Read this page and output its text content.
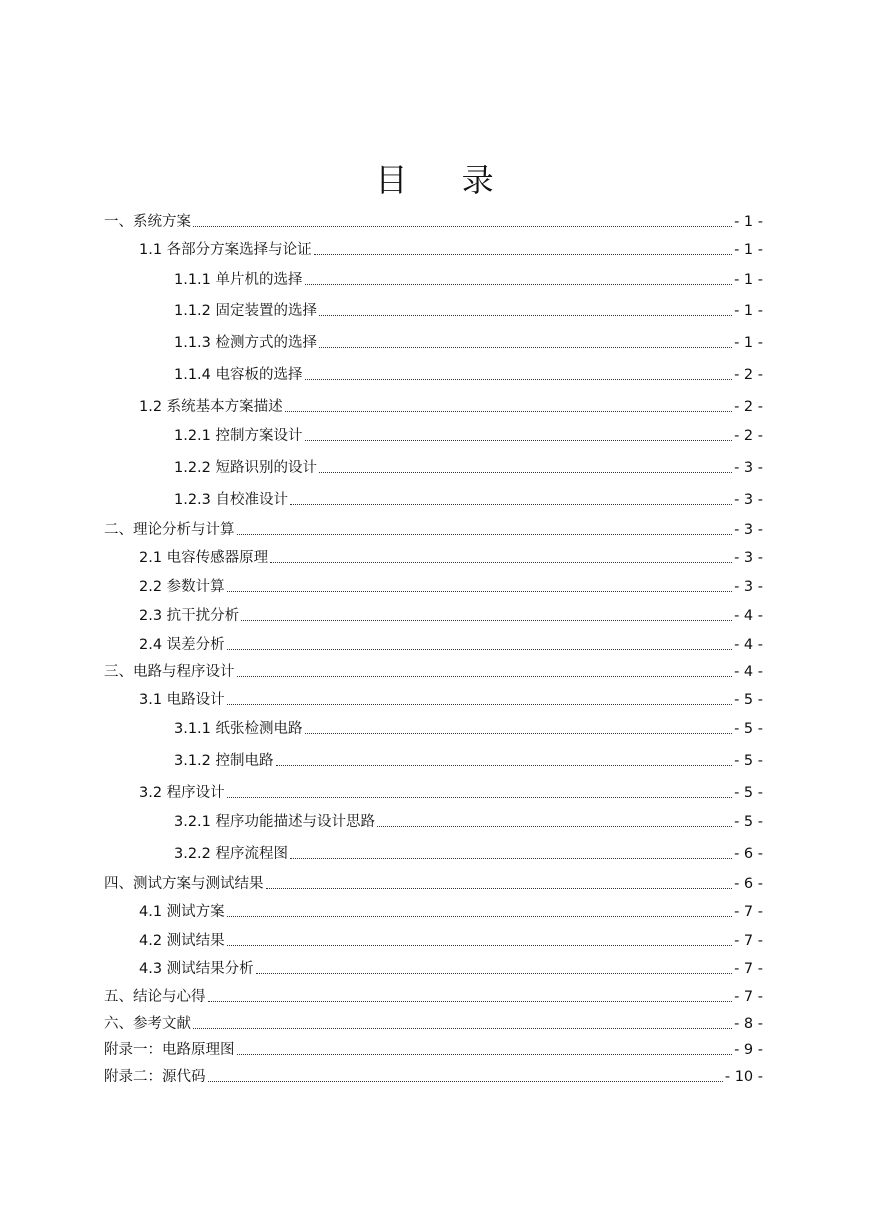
目 录
一、系统方案	- 1 -
1.1 各部分方案选择与论证	- 1 -
1.1.1 单片机的选择	- 1 -
1.1.2 固定装置的选择	- 1 -
1.1.3 检测方式的选择	- 1 -
1.1.4 电容板的选择	- 2 -
1.2 系统基本方案描述	- 2 -
1.2.1 控制方案设计	- 2 -
1.2.2 短路识别的设计	- 3 -
1.2.3 自校准设计	- 3 -
二、理论分析与计算	- 3 -
2.1 电容传感器原理	- 3 -
2.2 参数计算	- 3 -
2.3 抗干扰分析	- 4 -
2.4 误差分析	- 4 -
三、电路与程序设计	- 4 -
3.1 电路设计	- 5 -
3.1.1 纸张检测电路	- 5 -
3.1.2 控制电路	- 5 -
3.2 程序设计	- 5 -
3.2.1 程序功能描述与设计思路	- 5 -
3.2.2 程序流程图	- 6 -
四、测试方案与测试结果	- 6 -
4.1 测试方案	- 7 -
4.2 测试结果	- 7 -
4.3 测试结果分析	- 7 -
五、结论与心得	- 7 -
六、参考文献	- 8 -
附录一：电路原理图	- 9 -
附录二：源代码	- 10 -
